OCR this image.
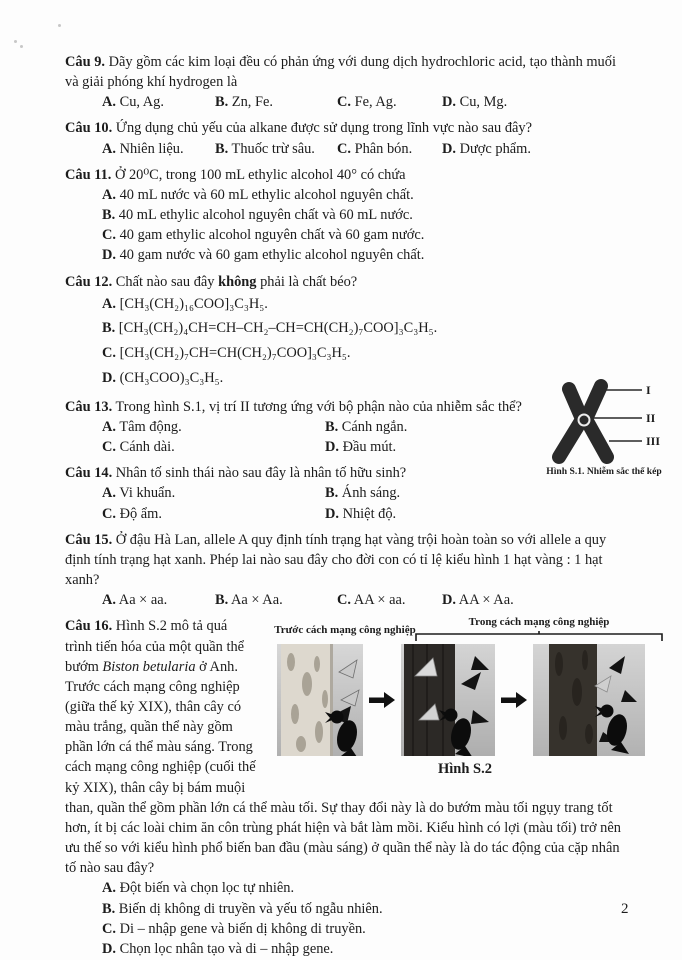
Câu 9. Dãy gồm các kim loại đều có phản ứng với dung dịch hydrochloric acid, tạo thành muối và giải phóng khí hydrogen là

A. Cu, Ag.	B. Zn, Fe.	C. Fe, Ag.	D. Cu, Mg.

Câu 10. Ứng dụng chủ yếu của alkane được sử dụng trong lĩnh vực nào sau đây?

A. Nhiên liệu.	B. Thuốc trừ sâu.	C. Phân bón.	D. Dược phẩm.

Câu 11. Ở 20⁰C, trong 100 mL ethylic alcohol 40° có chứa

A. 40 mL nước và 60 mL ethylic alcohol nguyên chất.
B. 40 mL ethylic alcohol nguyên chất và 60 mL nước.
C. 40 gam ethylic alcohol nguyên chất và 60 gam nước.
D. 40 gam nước và 60 gam ethylic alcohol nguyên chất.

Câu 12. Chất nào sau đây không phải là chất béo?

A. [CH₃(CH₂)₁₆COO]₃C₃H₅.
B. [CH₃(CH₂)₄CH=CH–CH₂–CH=CH(CH₂)₇COO]₃C₃H₅.
C. [CH₃(CH₂)₇CH=CH(CH₂)₇COO]₃C₃H₅.
D. (CH₃COO)₃C₃H₅.

Câu 13. Trong hình S.1, vị trí II tương ứng với bộ phận nào của nhiễm sắc thể?

A. Tâm động.	B. Cánh ngắn.
C. Cánh dài.	D. Đầu mút.

Câu 14. Nhân tố sinh thái nào sau đây là nhân tố hữu sinh?

A. Vi khuẩn.	B. Ánh sáng.
C. Độ ẩm.	D. Nhiệt độ.

Câu 15. Ở đậu Hà Lan, allele A quy định tính trạng hạt vàng trội hoàn toàn so với allele a quy định tính trạng hạt xanh. Phép lai nào sau đây cho đời con có tỉ lệ kiểu hình 1 hạt vàng : 1 hạt xanh?

A. Aa × aa.	B. Aa × Aa.	C. AA × aa.	D. AA × Aa.
Trước cách mạng công nghiệp
Trong cách mạng công nghiệp
Hình S.2

Câu 16. Hình S.2 mô tả quá trình tiến hóa của một quần thể bướm Biston betularia ở Anh. Trước cách mạng công nghiệp (giữa thế kỷ XIX), thân cây có màu trắng, quần thể này gồm phần lớn cá thể màu sáng. Trong cách mạng công nghiệp (cuối thế kỷ XIX), thân cây bị bám muội than, quần thể gồm phần lớn cá thể màu tối. Sự thay đổi này là do bướm màu tối ngụy trang tốt hơn, ít bị các loài chim ăn côn trùng phát hiện và bắt làm mồi. Kiểu hình có lợi (màu tối) trở nên ưu thế so với kiểu hình phổ biến ban đầu (màu sáng) ở quần thể này là do tác động của cặp nhân tố nào sau đây?

A. Đột biến và chọn lọc tự nhiên.
B. Biến dị không di truyền và yếu tố ngẫu nhiên.
C. Di – nhập gene và biến dị không di truyền.
D. Chọn lọc nhân tạo và di – nhập gene.
I
II
III
Hình S.1. Nhiễm sắc thể kép
2
